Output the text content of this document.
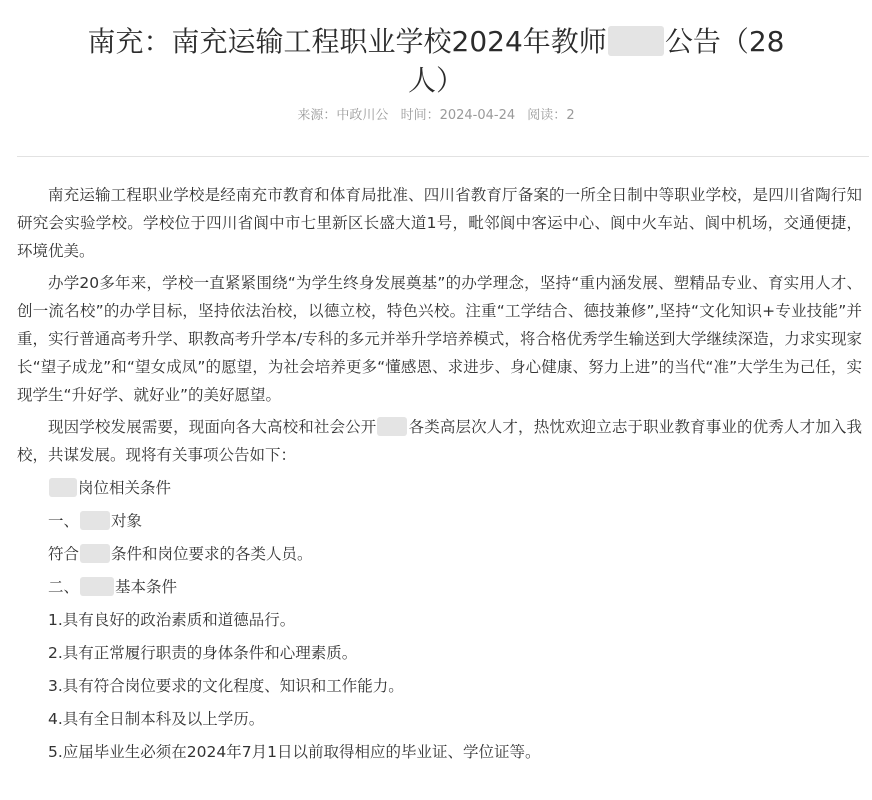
南充：南充运输工程职业学校2024年教师 公告（28人）
来源：中政川公 时间：2024-04-24 阅读：2

南充运输工程职业学校是经南充市教育和体育局批准、四川省教育厅备案的一所全日制中等职业学校，是四川省陶行知研究会实验学校。学校位于四川省阆中市七里新区长盛大道1号，毗邻阆中客运中心、阆中火车站、阆中机场，交通便捷，环境优美。

办学20多年来，学校一直紧紧围绕“为学生终身发展奠基”的办学理念，坚持“重内涵发展、塑精品专业、育实用人才、创一流名校”的办学目标，坚持依法治校，以德立校，特色兴校。注重“工学结合、德技兼修”,坚持“文化知识+专业技能”并重，实行普通高考升学、职教高考升学本/专科的多元并举升学培养模式，将合格优秀学生输送到大学继续深造，力求实现家长“望子成龙”和“望女成凤”的愿望，为社会培养更多“懂感恩、求进步、身心健康、努力上进”的当代“准”大学生为己任，实现学生“升好学、就好业”的美好愿望。

现因学校发展需要，现面向各大高校和社会公开 各类高层次人才，热忱欢迎立志于职业教育事业的优秀人才加入我校，共谋发展。现将有关事项公告如下：

岗位相关条件
一、 对象
符合 条件和岗位要求的各类人员。
二、 基本条件
1.具有良好的政治素质和道德品行。
2.具有正常履行职责的身体条件和心理素质。
3.具有符合岗位要求的文化程度、知识和工作能力。
4.具有全日制本科及以上学历。
5.应届毕业生必须在2024年7月1日以前取得相应的毕业证、学位证等。
